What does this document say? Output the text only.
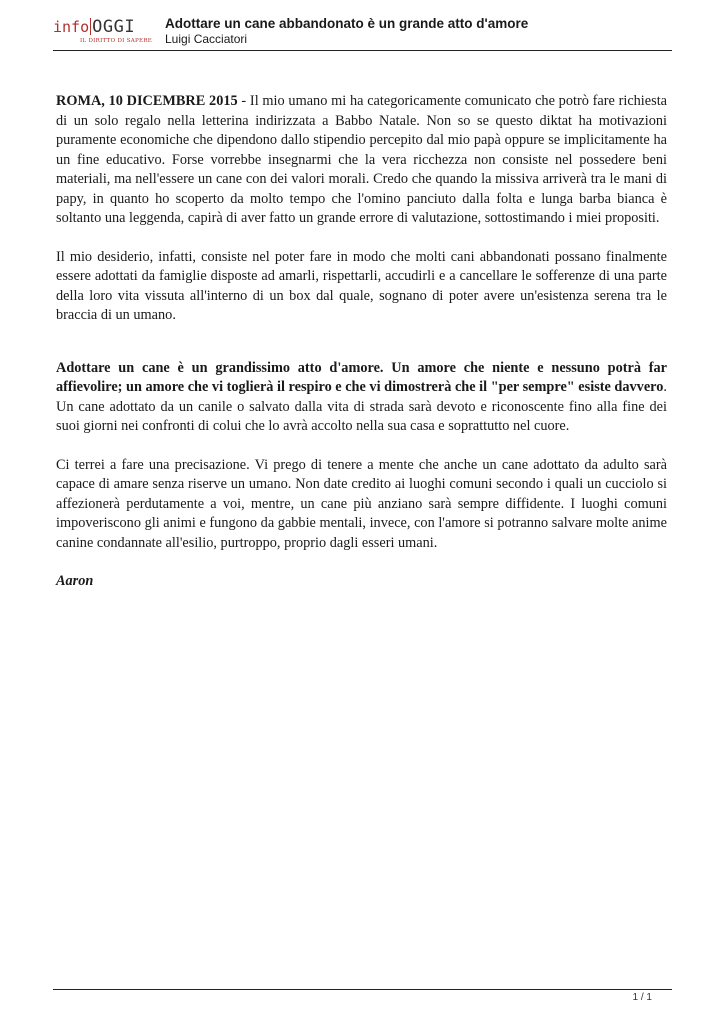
info OGGI
IL DIRITTO DI SAPERE
Adottare un cane abbandonato è un grande atto d'amore
Luigi Cacciatori

ROMA, 10 DICEMBRE 2015 - Il mio umano mi ha categoricamente comunicato che potrò fare richiesta di un solo regalo nella letterina indirizzata a Babbo Natale. Non so se questo diktat ha motivazioni puramente economiche che dipendono dallo stipendio percepito dal mio papà oppure se implicitamente ha un fine educativo. Forse vorrebbe insegnarmi che la vera ricchezza non consiste nel possedere beni materiali, ma nell'essere un cane con dei valori morali. Credo che quando la missiva arriverà tra le mani di papy, in quanto ho scoperto da molto tempo che l'omino panciuto dalla folta e lunga barba bianca è soltanto una leggenda, capirà di aver fatto un grande errore di valutazione, sottostimando i miei propositi.

Il mio desiderio, infatti, consiste nel poter fare in modo che molti cani abbandonati possano finalmente essere adottati da famiglie disposte ad amarli, rispettarli, accudirli e a cancellare le sofferenze di una parte della loro vita vissuta all'interno di un box dal quale, sognano di poter avere un'esistenza serena tra le braccia di un umano.

Adottare un cane è un grandissimo atto d'amore. Un amore che niente e nessuno potrà far affievolire; un amore che vi toglierà il respiro e che vi dimostrerà che il "per sempre" esiste davvero. Un cane adottato da un canile o salvato dalla vita di strada sarà devoto e riconoscente fino alla fine dei suoi giorni nei confronti di colui che lo avrà accolto nella sua casa e soprattutto nel cuore.

Ci terrei a fare una precisazione. Vi prego di tenere a mente che anche un cane adottato da adulto sarà capace di amare senza riserve un umano. Non date credito ai luoghi comuni secondo i quali un cucciolo si affezionerà perdutamente a voi, mentre, un cane più anziano sarà sempre diffidente. I luoghi comuni impoveriscono gli animi e fungono da gabbie mentali, invece, con l'amore si potranno salvare molte anime canine condannate all'esilio, purtroppo, proprio dagli esseri umani.

Aaron

1 / 1
